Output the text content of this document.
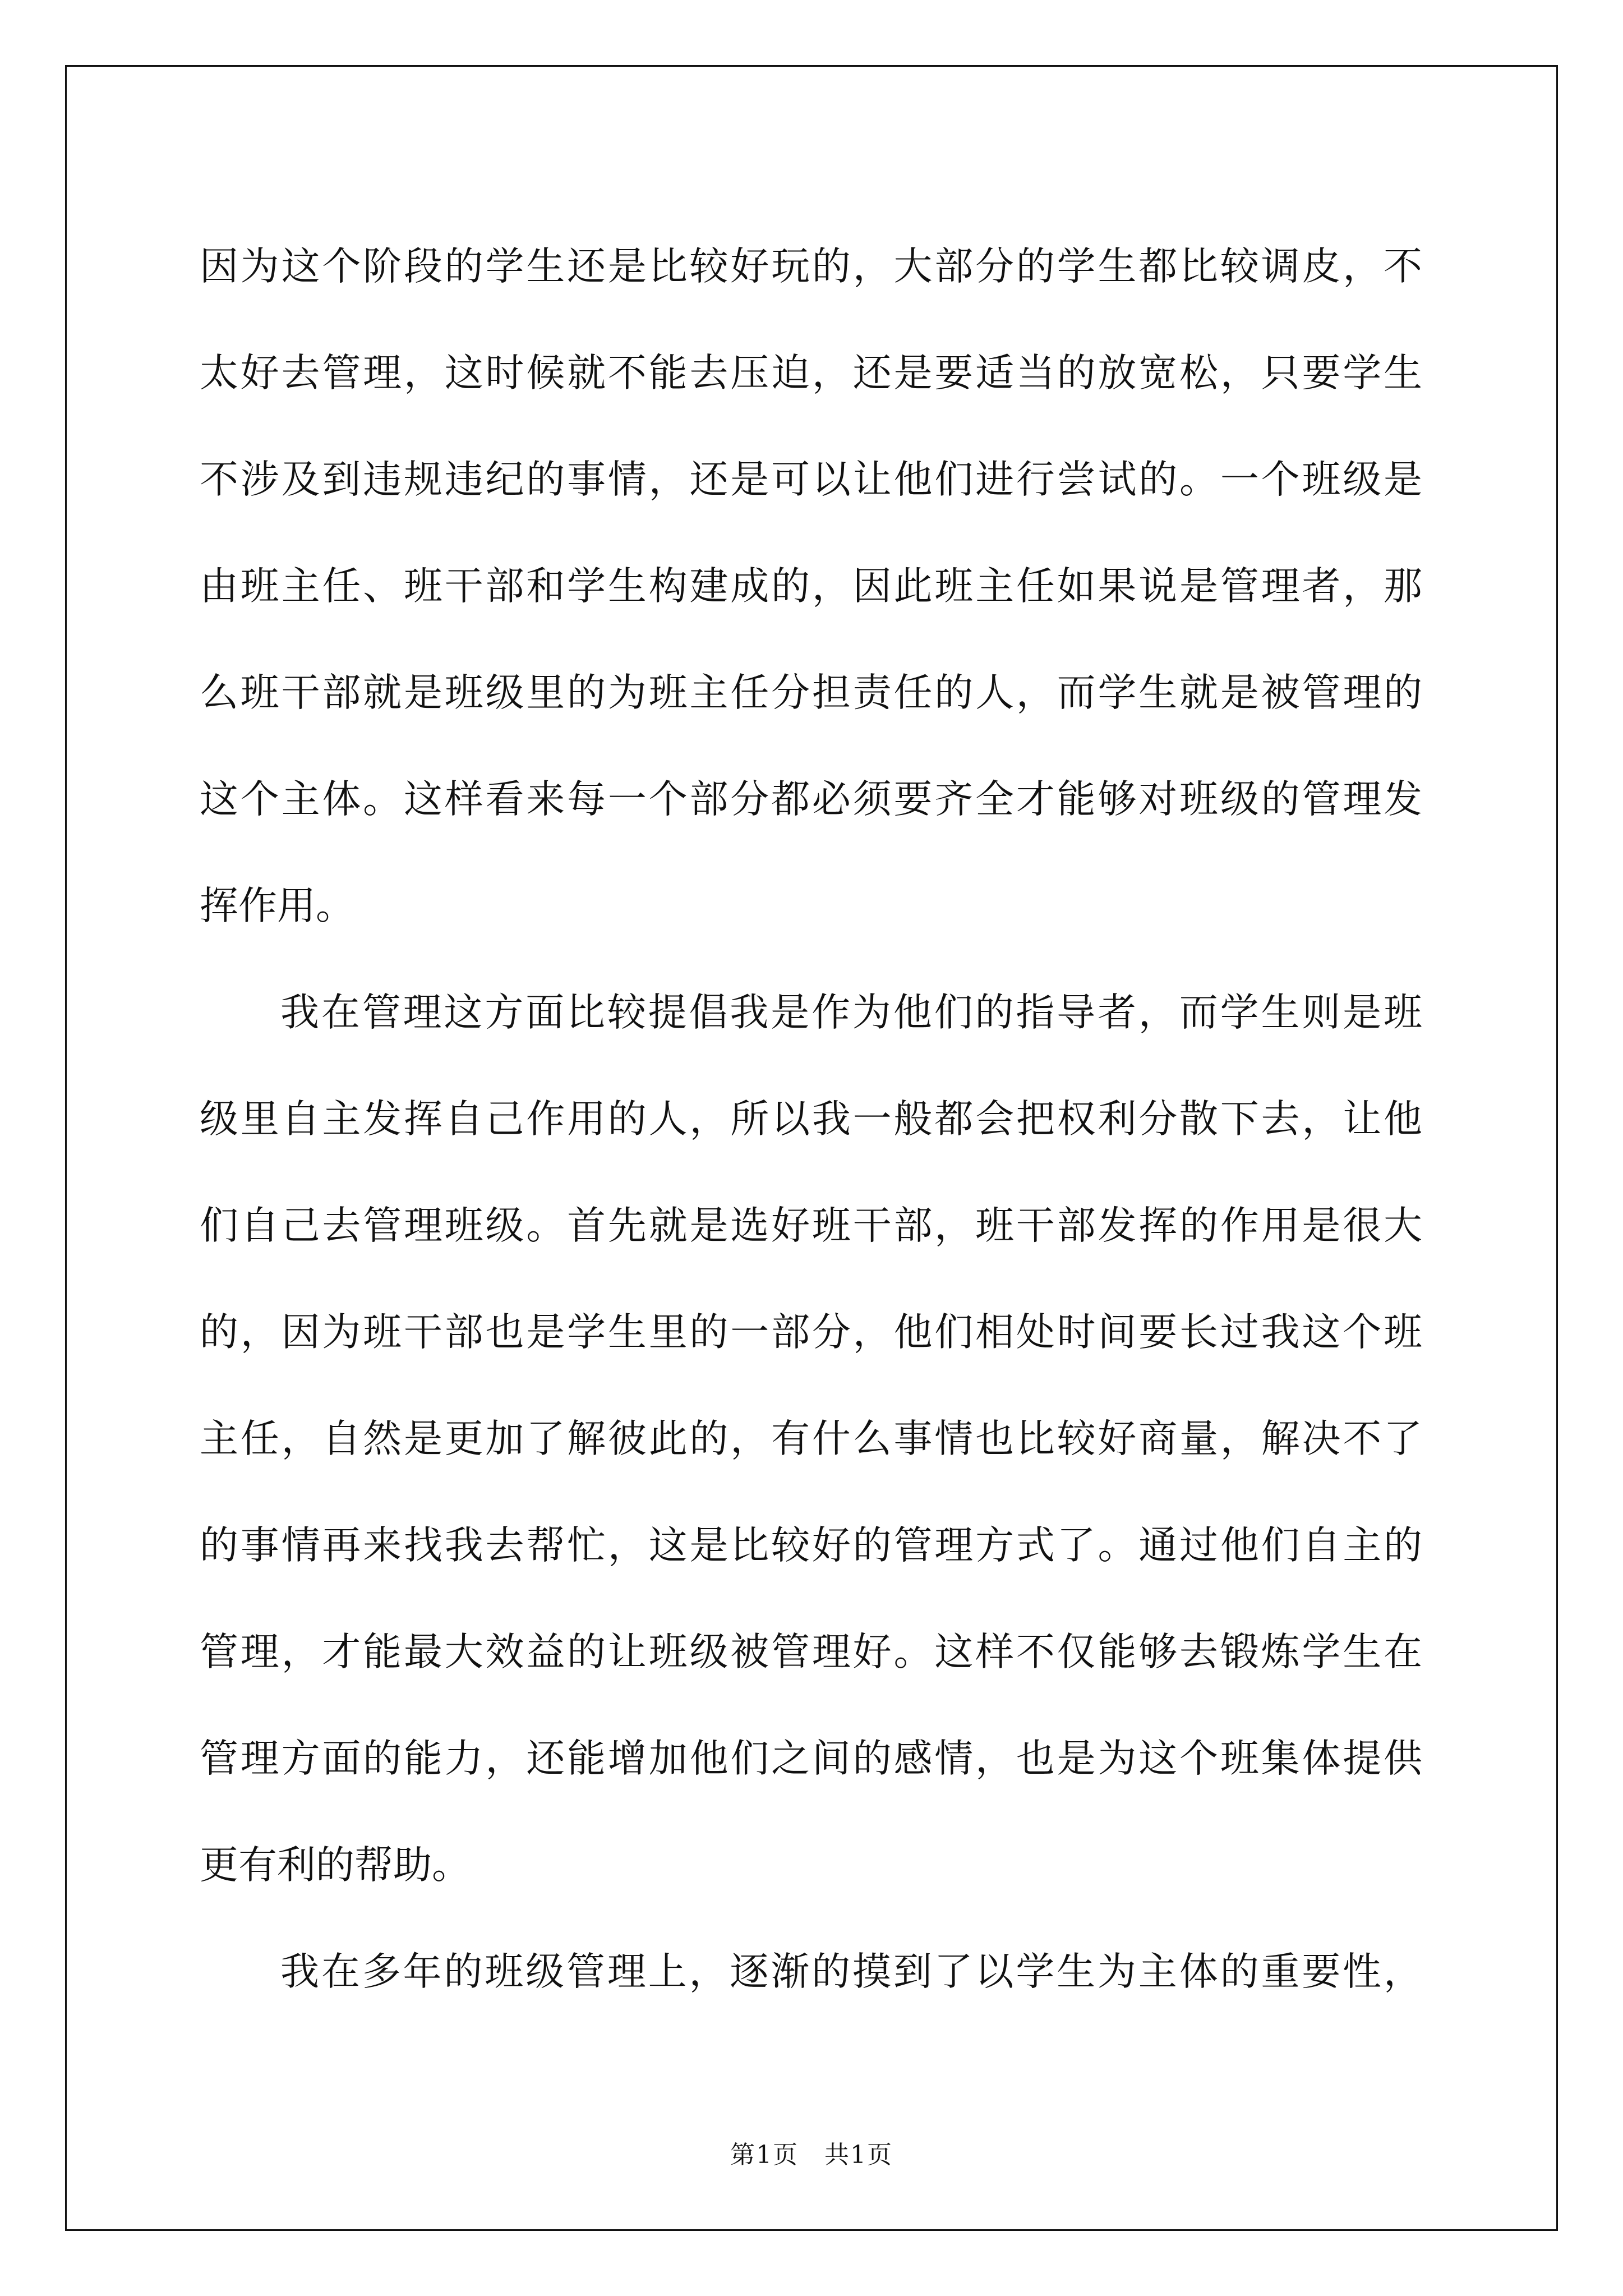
因为这个阶段的学生还是比较好玩的，大部分的学生都比较调皮，不
太好去管理，这时候就不能去压迫，还是要适当的放宽松，只要学生
不涉及到违规违纪的事情，还是可以让他们进行尝试的。一个班级是
由班主任、班干部和学生构建成的，因此班主任如果说是管理者，那
么班干部就是班级里的为班主任分担责任的人，而学生就是被管理的
这个主体。这样看来每一个部分都必须要齐全才能够对班级的管理发
挥作用。
我在管理这方面比较提倡我是作为他们的指导者，而学生则是班
级里自主发挥自己作用的人，所以我一般都会把权利分散下去，让他
们自己去管理班级。首先就是选好班干部，班干部发挥的作用是很大
的，因为班干部也是学生里的一部分，他们相处时间要长过我这个班
主任，自然是更加了解彼此的，有什么事情也比较好商量，解决不了
的事情再来找我去帮忙，这是比较好的管理方式了。通过他们自主的
管理，才能最大效益的让班级被管理好。这样不仅能够去锻炼学生在
管理方面的能力，还能增加他们之间的感情，也是为这个班集体提供
更有利的帮助。
我在多年的班级管理上，逐渐的摸到了以学生为主体的重要性，
第1页　共1页
